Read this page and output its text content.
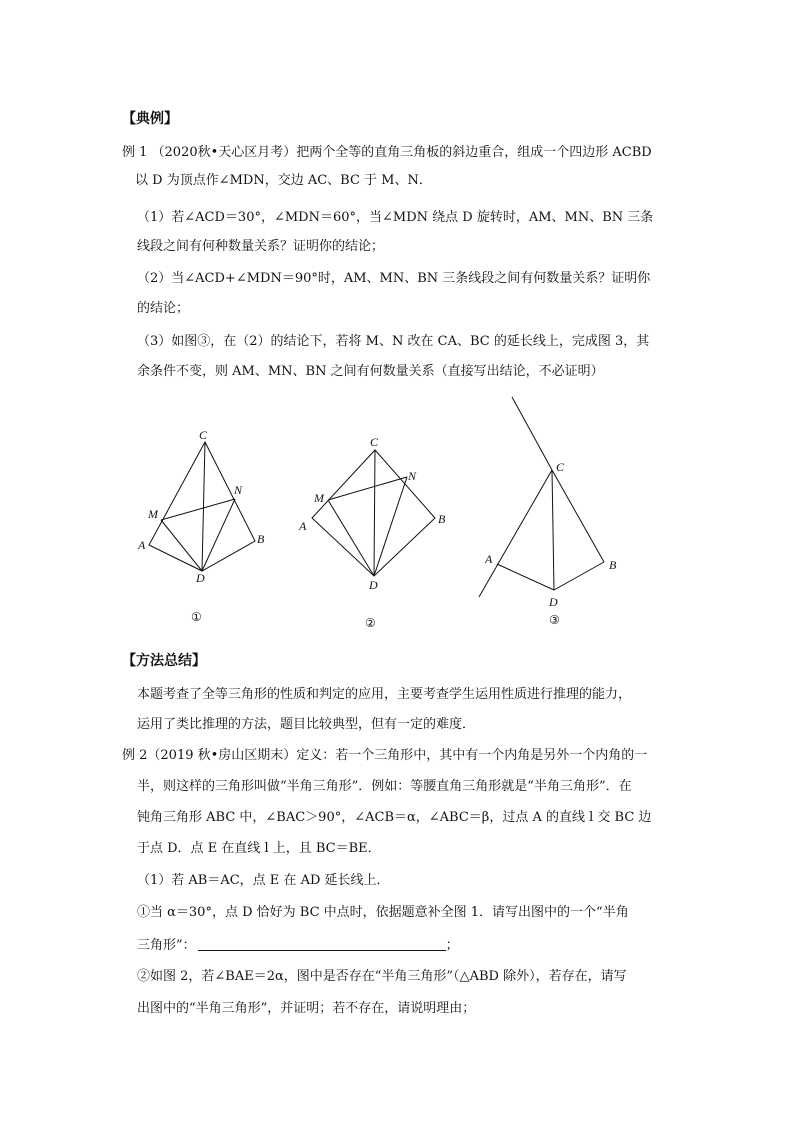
【典例】
例 1 （2020秋•天心区月考）把两个全等的直角三角板的斜边重合，组成一个四边形 ACBD
以 D 为顶点作∠MDN，交边 AC、BC 于 M、N．
（1）若∠ACD＝30°，∠MDN＝60°，当∠MDN 绕点 D 旋转时，AM、MN、BN 三条
线段之间有何种数量关系？证明你的结论；
（2）当∠ACD+∠MDN＝90°时，AM、MN、BN 三条线段之间有何数量关系？证明你
的结论；
（3）如图③，在（2）的结论下，若将 M、N 改在 CA、BC 的延长线上，完成图 3，其
余条件不变，则 AM、MN、BN 之间有何数量关系（直接写出结论，不必证明）
C
M
N
A	B
D
①
C
M
N
A	B
D
②
C
A	B
D
③
【方法总结】
本题考查了全等三角形的性质和判定的应用，主要考查学生运用性质进行推理的能力，
运用了类比推理的方法，题目比较典型，但有一定的难度．
例 2（2019 秋•房山区期末）定义：若一个三角形中，其中有一个内角是另外一个内角的一
半，则这样的三角形叫做“半角三角形”．例如：等腰直角三角形就是“半角三角形”．在
钝角三角形 ABC 中，∠BAC＞90°，∠ACB＝α，∠ABC＝β，过点 A 的直线 l 交 BC 边
于点 D．点 E 在直线 l 上，且 BC＝BE．
（1）若 AB＝AC，点 E 在 AD 延长线上．
①当 α＝30°，点 D 恰好为 BC 中点时，依据题意补全图 1．请写出图中的一个“半角
三角形”：	；
②如图 2，若∠BAE＝2α，图中是否存在“半角三角形”（△ABD 除外），若存在，请写
出图中的“半角三角形”，并证明；若不存在，请说明理由；
